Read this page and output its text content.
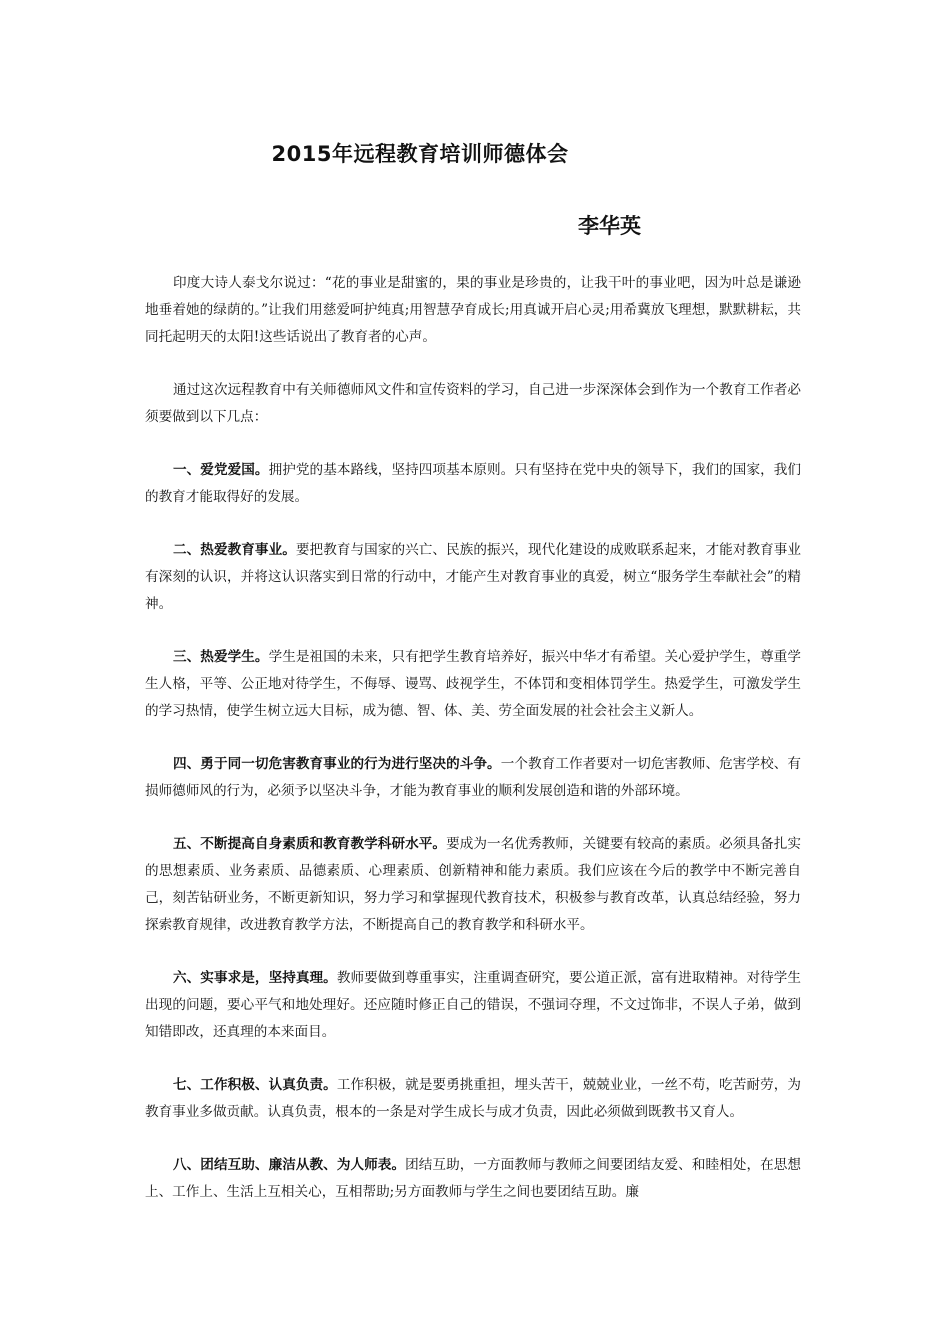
2015年远程教育培训师德体会
李华英

印度大诗人泰戈尔说过：“花的事业是甜蜜的，果的事业是珍贵的，让我干叶的事业吧，因为叶总是谦逊地垂着她的绿荫的。”让我们用慈爱呵护纯真;用智慧孕育成长;用真诚开启心灵;用希冀放飞理想，默默耕耘，共同托起明天的太阳!这些话说出了教育者的心声。

通过这次远程教育中有关师德师风文件和宣传资料的学习，自己进一步深深体会到作为一个教育工作者必须要做到以下几点：

一、爱党爱国。拥护党的基本路线，坚持四项基本原则。只有坚持在党中央的领导下，我们的国家，我们的教育才能取得好的发展。

二、热爱教育事业。要把教育与国家的兴亡、民族的振兴，现代化建设的成败联系起来，才能对教育事业有深刻的认识，并将这认识落实到日常的行动中，才能产生对教育事业的真爱，树立“服务学生奉献社会”的精神。

三、热爱学生。学生是祖国的未来，只有把学生教育培养好，振兴中华才有希望。关心爱护学生，尊重学生人格，平等、公正地对待学生，不侮辱、谩骂、歧视学生，不体罚和变相体罚学生。热爱学生，可激发学生的学习热情，使学生树立远大目标，成为德、智、体、美、劳全面发展的社会社会主义新人。

四、勇于同一切危害教育事业的行为进行坚决的斗争。一个教育工作者要对一切危害教师、危害学校、有损师德师风的行为，必须予以坚决斗争，才能为教育事业的顺利发展创造和谐的外部环境。

五、不断提高自身素质和教育教学科研水平。要成为一名优秀教师，关键要有较高的素质。必须具备扎实的思想素质、业务素质、品德素质、心理素质、创新精神和能力素质。我们应该在今后的教学中不断完善自己，刻苦钻研业务，不断更新知识，努力学习和掌握现代教育技术，积极参与教育改革，认真总结经验，努力探索教育规律，改进教育教学方法，不断提高自己的教育教学和科研水平。

六、实事求是，坚持真理。教师要做到尊重事实，注重调查研究，要公道正派，富有进取精神。对待学生出现的问题，要心平气和地处理好。还应随时修正自己的错误，不强词夺理，不文过饰非，不误人子弟，做到知错即改，还真理的本来面目。

七、工作积极、认真负责。工作积极，就是要勇挑重担，埋头苦干，兢兢业业，一丝不苟，吃苦耐劳，为教育事业多做贡献。认真负责，根本的一条是对学生成长与成才负责，因此必须做到既教书又育人。

八、团结互助、廉洁从教、为人师表。团结互助，一方面教师与教师之间要团结友爱、和睦相处，在思想上、工作上、生活上互相关心，互相帮助;另方面教师与学生之间也要团结互助。廉
